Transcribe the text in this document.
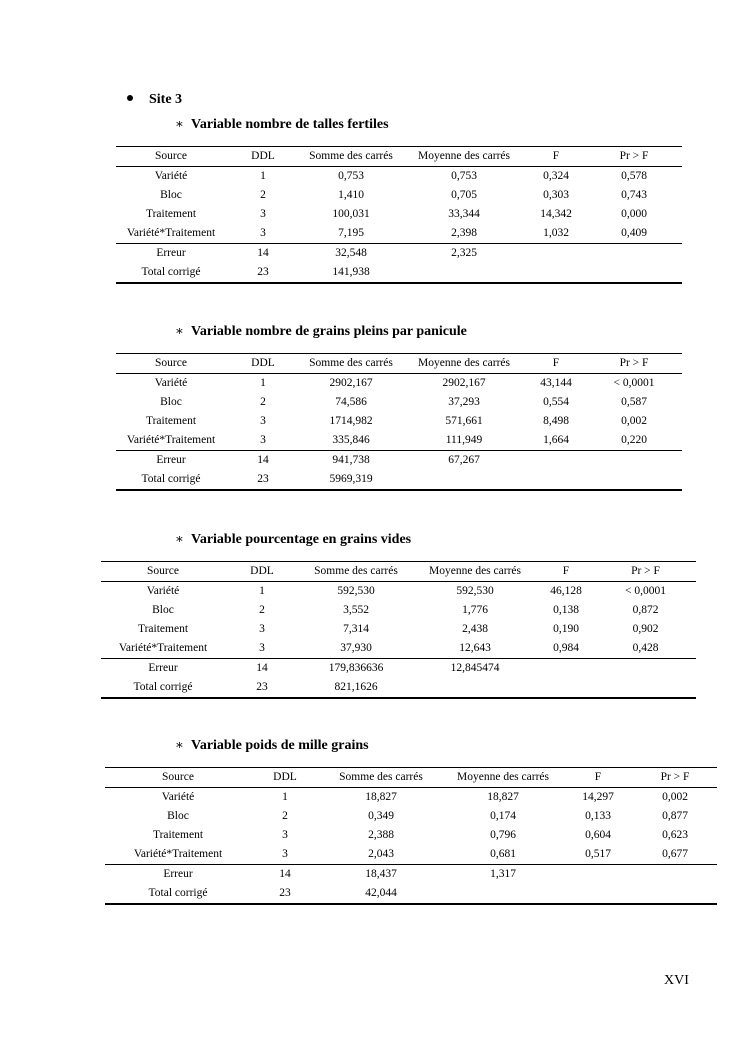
Site 3
∗ Variable nombre de talles fertiles
Source	DDL	Somme des carrés	Moyenne des carrés	F	Pr > F
Variété	1	0,753	0,753	0,324	0,578
Bloc	2	1,410	0,705	0,303	0,743
Traitement	3	100,031	33,344	14,342	0,000
Variété*Traitement	3	7,195	2,398	1,032	0,409
Erreur	14	32,548	2,325
Total corrigé	23	141,938
∗ Variable nombre de grains pleins par panicule
Source	DDL	Somme des carrés	Moyenne des carrés	F	Pr > F
Variété	1	2902,167	2902,167	43,144	< 0,0001
Bloc	2	74,586	37,293	0,554	0,587
Traitement	3	1714,982	571,661	8,498	0,002
Variété*Traitement	3	335,846	111,949	1,664	0,220
Erreur	14	941,738	67,267
Total corrigé	23	5969,319
∗ Variable pourcentage en grains vides
Source	DDL	Somme des carrés	Moyenne des carrés	F	Pr > F
Variété	1	592,530	592,530	46,128	< 0,0001
Bloc	2	3,552	1,776	0,138	0,872
Traitement	3	7,314	2,438	0,190	0,902
Variété*Traitement	3	37,930	12,643	0,984	0,428
Erreur	14	179,836636	12,845474
Total corrigé	23	821,1626
∗ Variable poids de mille grains
Source	DDL	Somme des carrés	Moyenne des carrés	F	Pr > F
Variété	1	18,827	18,827	14,297	0,002
Bloc	2	0,349	0,174	0,133	0,877
Traitement	3	2,388	0,796	0,604	0,623
Variété*Traitement	3	2,043	0,681	0,517	0,677
Erreur	14	18,437	1,317
Total corrigé	23	42,044
XVI
